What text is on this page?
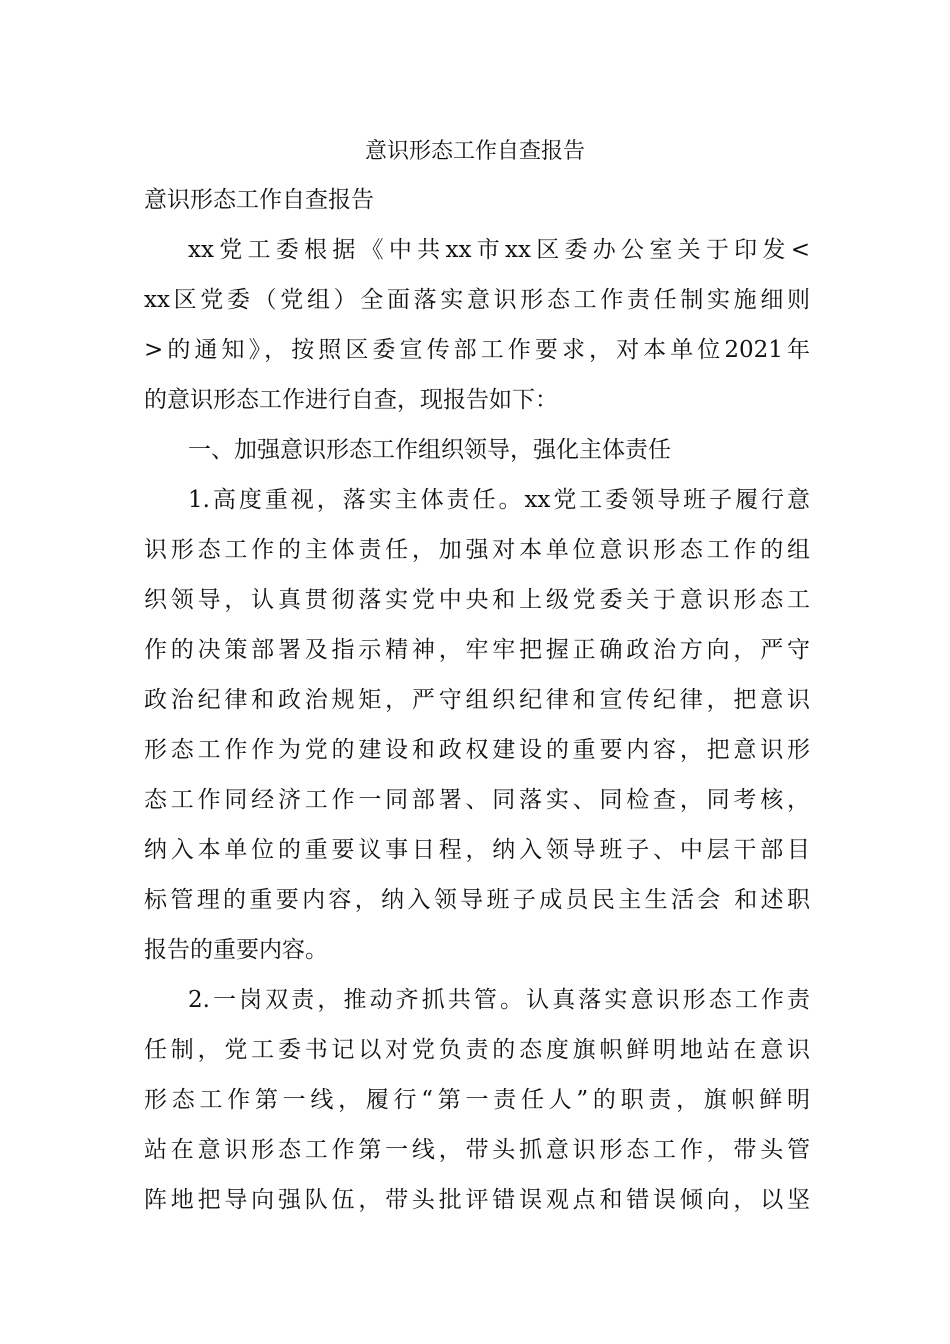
意识形态工作自查报告
意识形态工作自查报告
xx党工委根据《中共xx市xx区委办公室关于印发<
xx区党委（党组）全面落实意识形态工作责任制实施细则
>的通知》，按照区委宣传部工作要求，对本单位2021年
的意识形态工作进行自查，现报告如下：
一、加强意识形态工作组织领导，强化主体责任
1.高度重视，落实主体责任。xx党工委领导班子履行意
识形态工作的主体责任，加强对本单位意识形态工作的组
织领导，认真贯彻落实党中央和上级党委关于意识形态工
作的决策部署及指示精神，牢牢把握正确政治方向，严守
政治纪律和政治规矩，严守组织纪律和宣传纪律，把意识
形态工作作为党的建设和政权建设的重要内容，把意识形
态工作同经济工作一同部署、同落实、同检查，同考核，
纳入本单位的重要议事日程，纳入领导班子、中层干部目
标管理的重要内容，纳入领导班子成员民主生活会 和述职
报告的重要内容。
2.一岗双责，推动齐抓共管。认真落实意识形态工作责
任制，党工委书记以对党负责的态度旗帜鲜明地站在意识
形态工作第一线，履行“第一责任人”的职责，旗帜鲜明
站在意识形态工作第一线，带头抓意识形态工作，带头管
阵地把导向强队伍，带头批评错误观点和错误倾向，以坚
